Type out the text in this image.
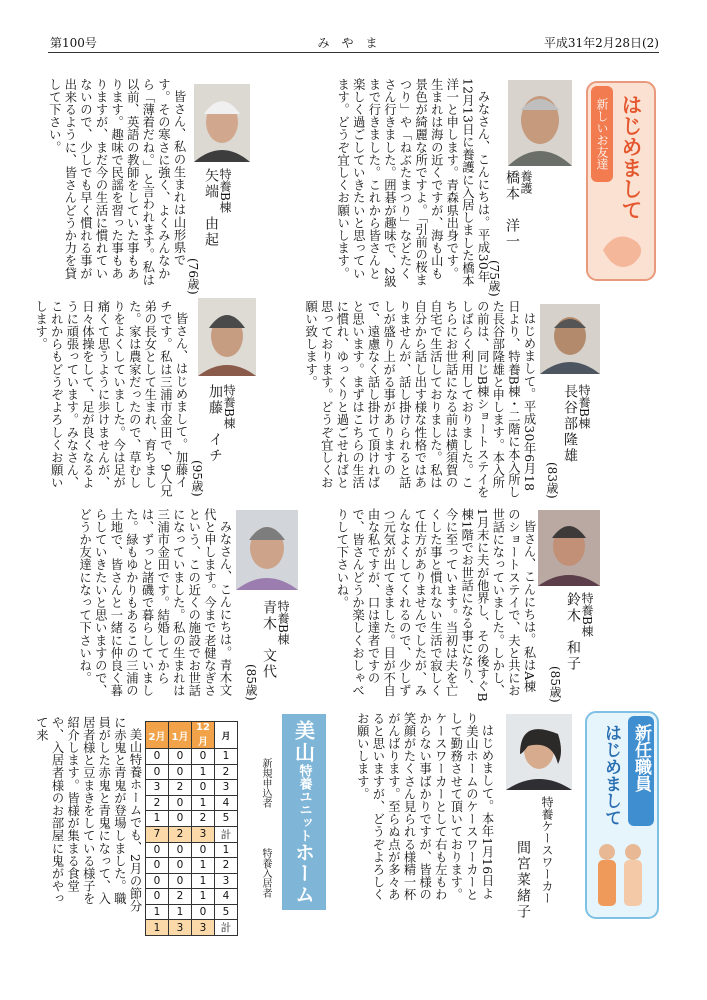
第100号	みやま	平成31年2月28日(2)
新しいお友達 はじめまして
養護
橋本　洋一
(75歳)

みなさん、こんにちは。平成30年12月13日に養護に入居しました橋本洋一と申します。青森県出身です。生まれは海の近くですが、海も山も景色が綺麗な所ですよ。「引前の桜まつり」や「ねぶたまつり」などたくさん行きました。囲碁が趣味で、2級まで行きました。これから皆さんと楽しく過ごしていきたいと思っています。どうぞ宜しくお願いします。

特養B棟
矢端　由起
(76歳)

皆さん、私の生まれは山形県です。その寒さに強く、よくみんなから「薄着だね。」と言われます。私は以前、英語の教師をしていた事もあります。趣味で民謡を習った事もありますが、まだ今の生活に慣れていないので、少しでも早く慣れる事が出来るように、皆さんどうか力を貸して下さい。

特養B棟
長谷部隆雄
(83歳)

はじめまして。平成30年6月18日より、特養B棟・二階に本入所した長谷部隆雄と申します。本入所の前は、同じB棟ショートステイをしばらく利用しておりました。こちらにお世話になる前は横須賀の自宅で生活しておりました。私は自分から話し出す様な性格ではありませんが、話し掛けられると話しが盛り上がる事がありますので、遠慮なく話し掛けて頂ければと思います。まずはこちらの生活に慣れ、ゆっくりと過ごせればと思っております。どうぞ宜しくお願い致します。

特養B棟
加藤　イチ
(95歳)

皆さん、はじめまして。加藤イチです。私は三浦市金田で、9人兄弟の長女として生まれ、育ちました。家は農家だったので、草むしりをよくしていました。今は足が痛くて思うように歩けませんが、日々体操をして、足が良くなるように頑張っています。みなさん、これからもどうぞよろしくお願いします。

特養B棟
鈴木　和子
(85歳)

皆さん、こんにちは。私はA棟のショートステイで、夫と共にお世話になっていました。しかし、1月末に夫が他界し、その後すぐB棟1階でお世話になる事になり、今に至っています。当初は夫を亡くした事と慣れない生活で寂しくて仕方がありませんでしたが、みんなよくしてくれるので、少しずつ元気が出てきました。目が不自由な私ですが、口は達者ですので、皆さんどうか楽しくおしゃべりして下さいね。

特養B棟
青木　文代
(85歳)

みなさん、こんにちは。青木文代と申します。今まで老健なぎさという、この近くの施設でお世話になっていました。私の生まれは三浦市金田です。結婚してからは、ずっと諸磯で暮らしていました。緑もゆかりもあるこの三浦の土地で、皆さんと一緒に仲良く暮らしていきたいと思いますので、どうか友達になって下さいね。

新任職員
はじめまして
特養ケースワーカー
間宮菜緒子

はじめまして。本年1月16日より美山ホームのケースワーカーとして勤務させて頂いております。ケースワーカーとして右も左もわからない事ばかりですが、皆様の笑顔がたくさん見られる様精一杯がんばります。至らぬ点が多々あると思いますが、どうぞよろしくお願いします。

美山
特養ユニット
ホーム
2月	1月	12月	月
0	0	0	1
0	0	1	2
3	2	0	3
2	0	1	4
1	0	2	5
7	2	3	計
0	0	0	1
0	0	1	2
0	0	1	3
0	2	1	4
1	1	0	5
1	3	3	計
新規申込者
特養入居者

美山特養ホームでも、2月の節分に赤鬼と青鬼が登場しました。職員がした赤鬼と青鬼になって、入居者様と豆まきをしている様子を紹介します。皆様が集まる食堂や、入居者様のお部屋に鬼がやって来
